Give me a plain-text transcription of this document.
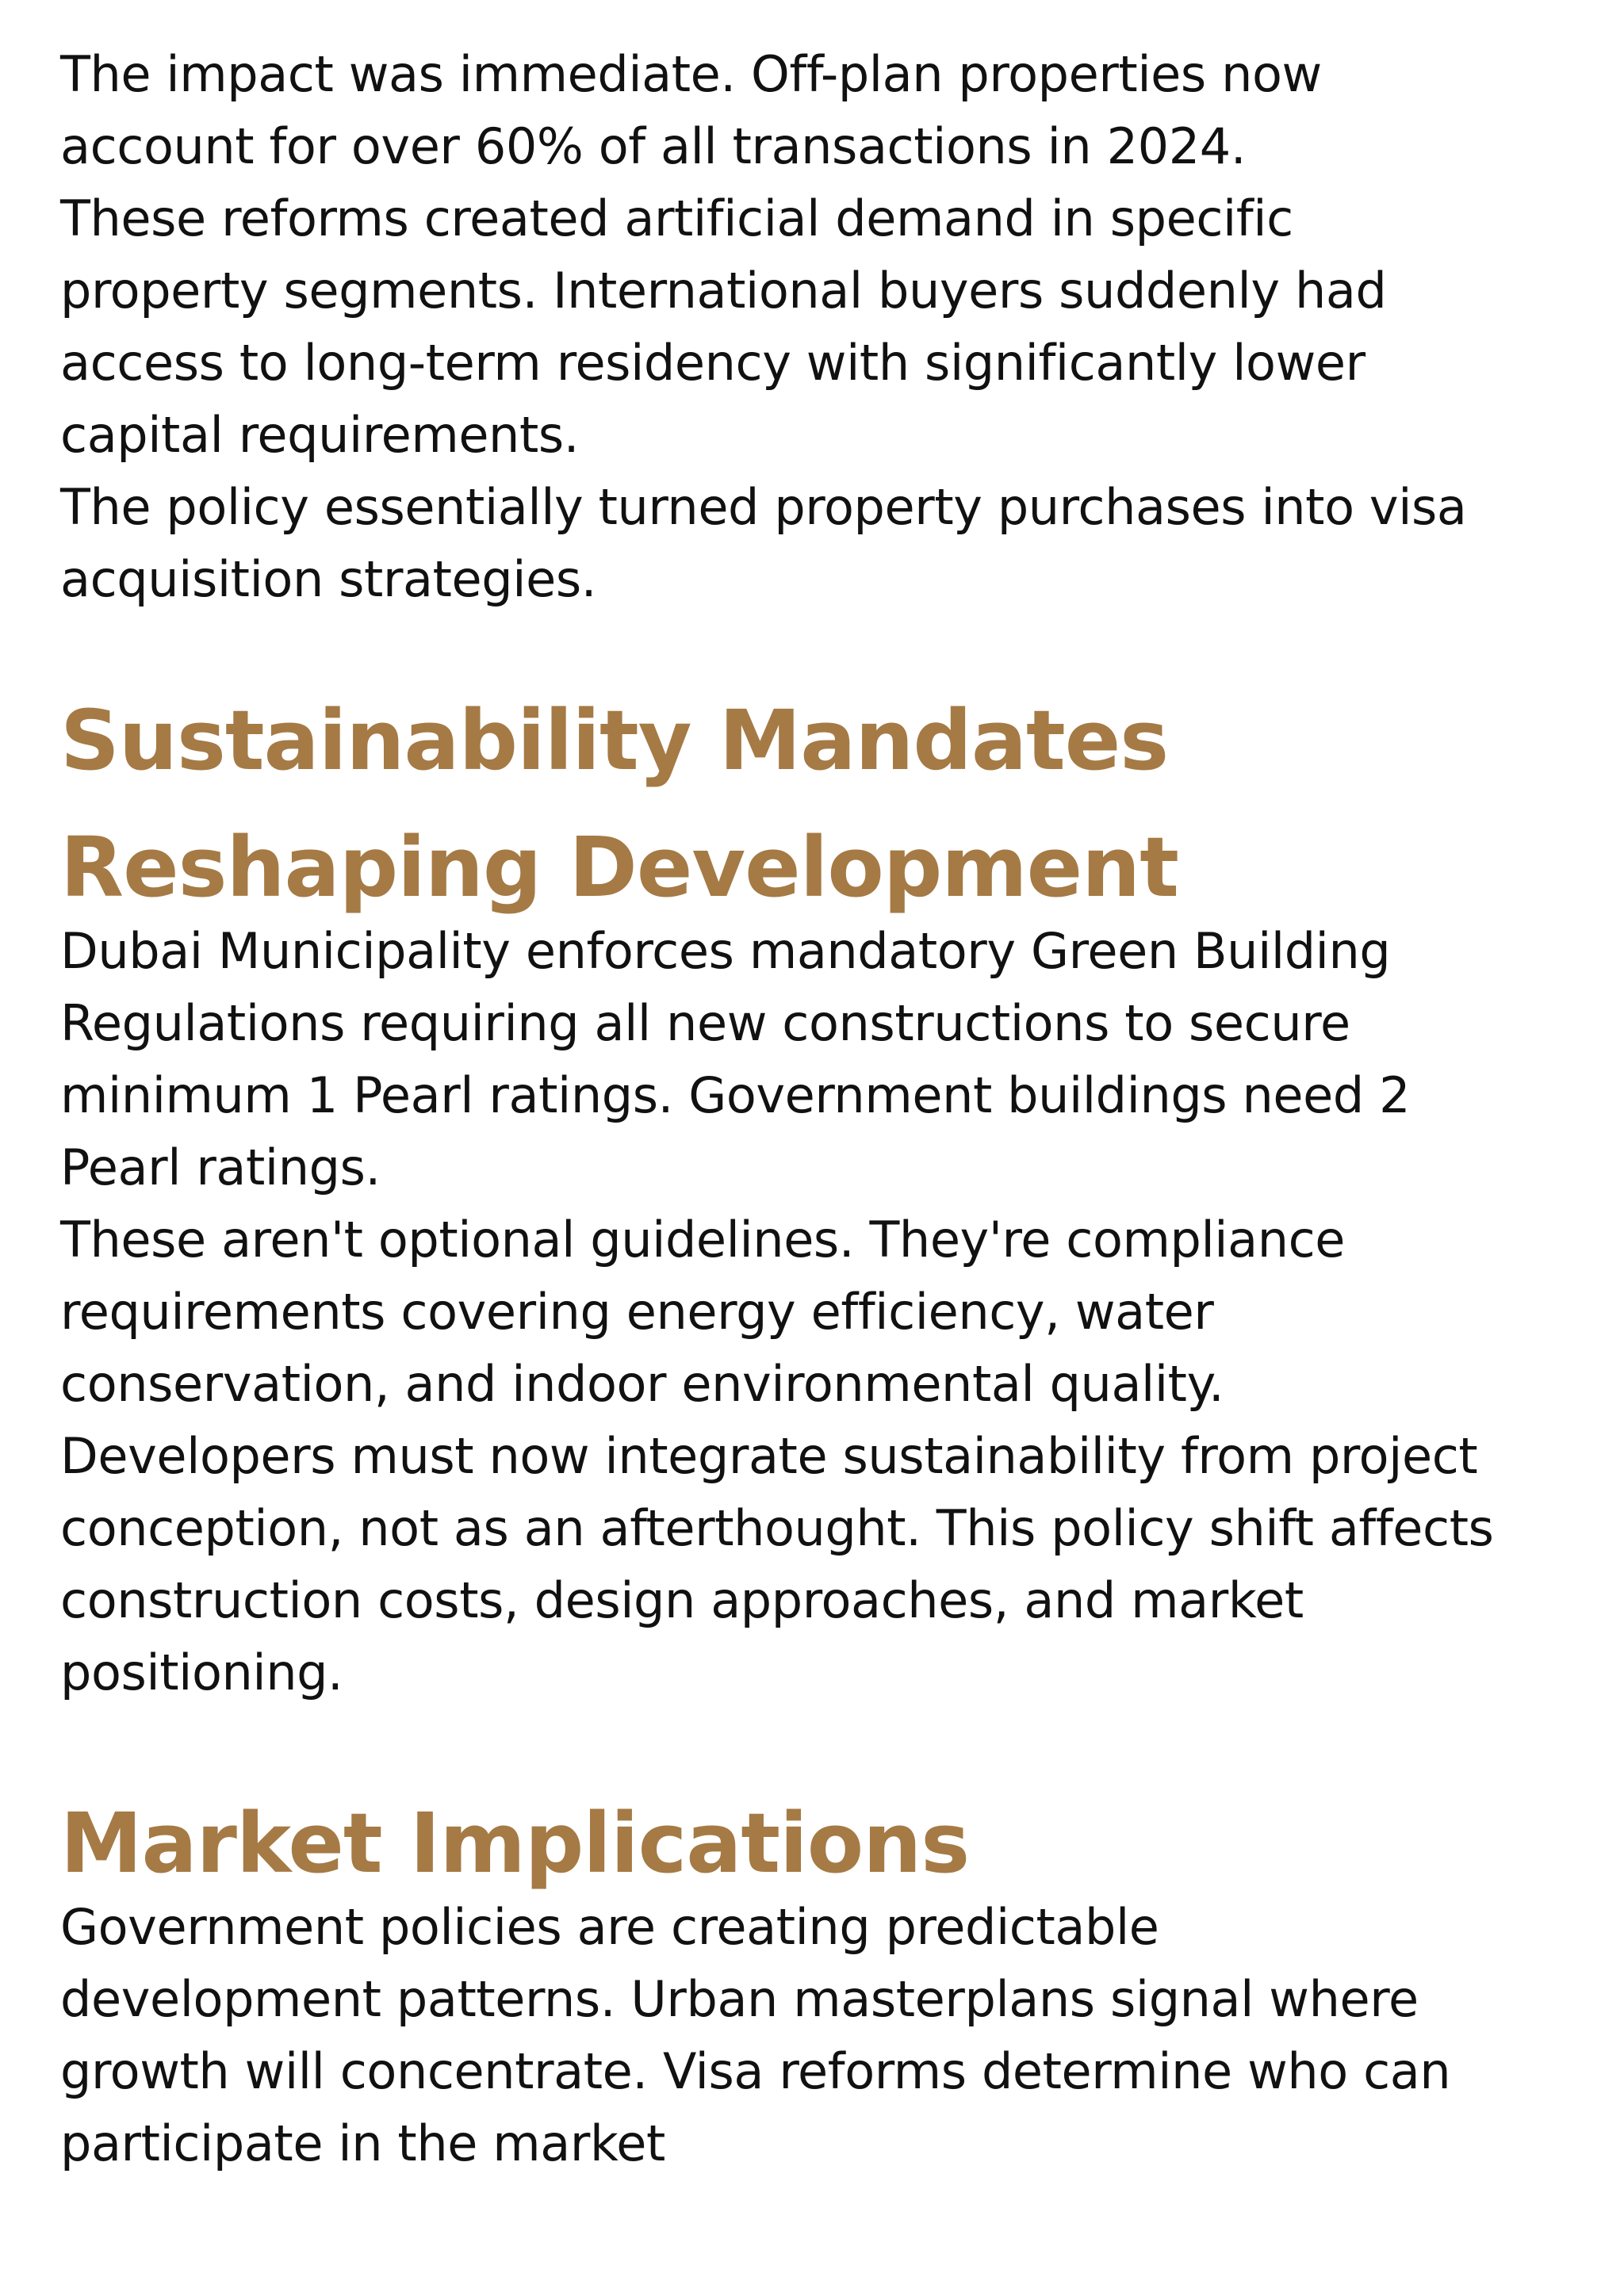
The impact was immediate. Off-plan properties now
account for over 60% of all transactions in 2024.

These reforms created artificial demand in specific
property segments. International buyers suddenly had
access to long-term residency with significantly lower
capital requirements.

The policy essentially turned property purchases into visa
acquisition strategies.

Sustainability Mandates
Reshaping Development

Dubai Municipality enforces mandatory Green Building
Regulations requiring all new constructions to secure
minimum 1 Pearl ratings. Government buildings need 2
Pearl ratings.

These aren't optional guidelines. They're compliance
requirements covering energy efficiency, water
conservation, and indoor environmental quality.

Developers must now integrate sustainability from project
conception, not as an afterthought. This policy shift affects
construction costs, design approaches, and market
positioning.

Market Implications

Government policies are creating predictable
development patterns. Urban masterplans signal where
growth will concentrate. Visa reforms determine who can
participate in the market
